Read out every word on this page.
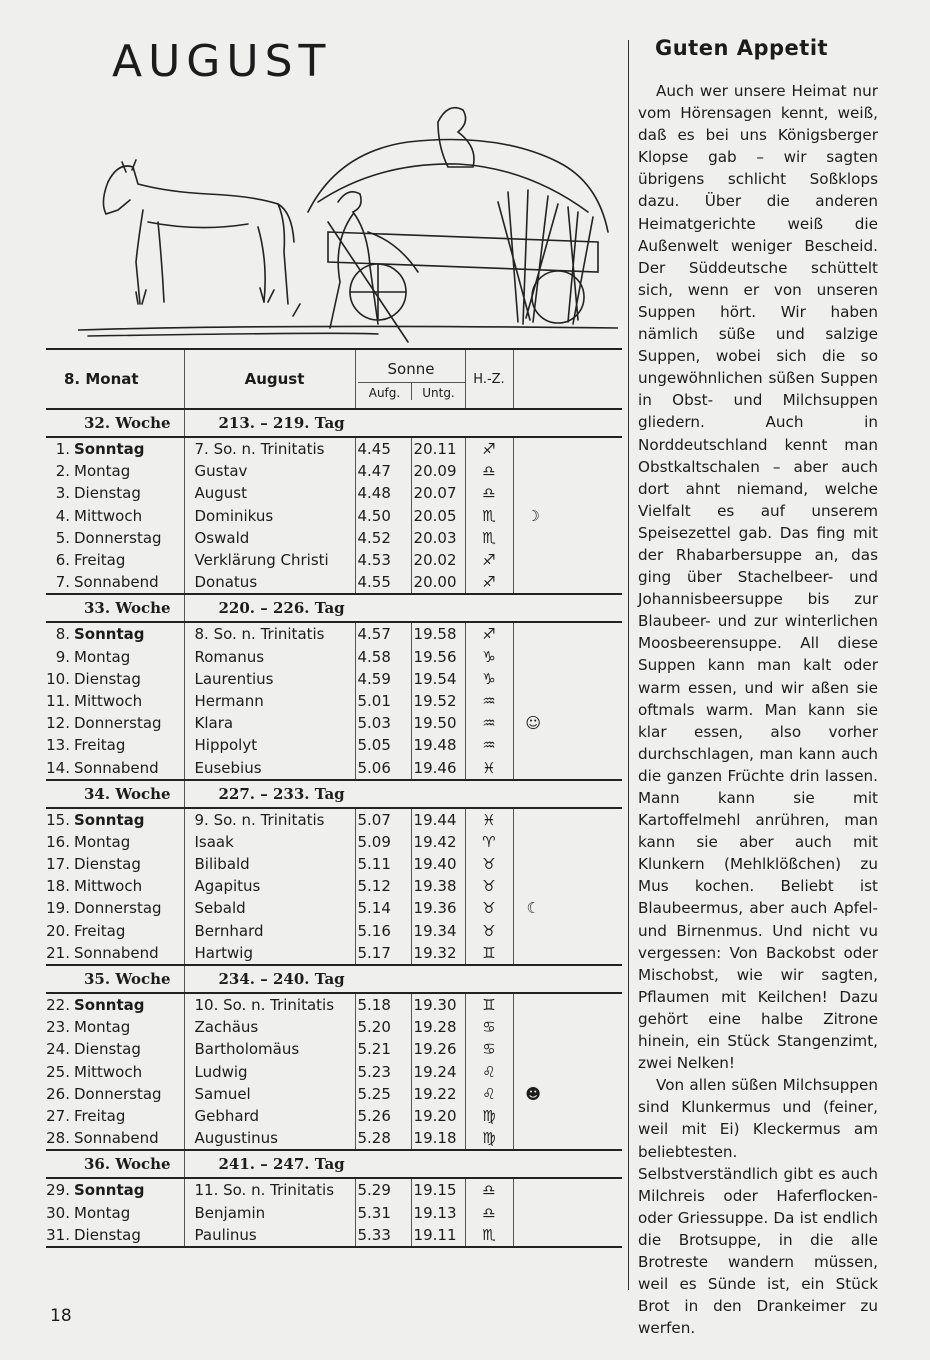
AUGUST
8. Monat	August	Sonne
Aufg. Untg.		H.-Z.		
32. Woche	213. – 219. Tag					
1. Sonntag	7. So. n. Trinitatis	4.45	20.11	♐		
2. Montag	Gustav	4.47	20.09	♎		
3. Dienstag	August	4.48	20.07	♎		
4. Mittwoch	Dominikus	4.50	20.05	♏	☽	
5. Donnerstag	Oswald	4.52	20.03	♏		
6. Freitag	Verklärung Christi	4.53	20.02	♐		
7. Sonnabend	Donatus	4.55	20.00	♐		
33. Woche	220. – 226. Tag					
8. Sonntag	8. So. n. Trinitatis	4.57	19.58	♐		
9. Montag	Romanus	4.58	19.56	♑		
10. Dienstag	Laurentius	4.59	19.54	♑		
11. Mittwoch	Hermann	5.01	19.52	♒		
12. Donnerstag	Klara	5.03	19.50	♒	☺	
13. Freitag	Hippolyt	5.05	19.48	♒		
14. Sonnabend	Eusebius	5.06	19.46	♓		
34. Woche	227. – 233. Tag					
15. Sonntag	9. So. n. Trinitatis	5.07	19.44	♓		
16. Montag	Isaak	5.09	19.42	♈		
17. Dienstag	Bilibald	5.11	19.40	♉		
18. Mittwoch	Agapitus	5.12	19.38	♉		
19. Donnerstag	Sebald	5.14	19.36	♉	☾	
20. Freitag	Bernhard	5.16	19.34	♉		
21. Sonnabend	Hartwig	5.17	19.32	♊		
35. Woche	234. – 240. Tag					
22. Sonntag	10. So. n. Trinitatis	5.18	19.30	♊		
23. Montag	Zachäus	5.20	19.28	♋		
24. Dienstag	Bartholomäus	5.21	19.26	♋		
25. Mittwoch	Ludwig	5.23	19.24	♌		
26. Donnerstag	Samuel	5.25	19.22	♌	☻	
27. Freitag	Gebhard	5.26	19.20	♍		
28. Sonnabend	Augustinus	5.28	19.18	♍		
36. Woche	241. – 247. Tag					
29. Sonntag	11. So. n. Trinitatis	5.29	19.15	♎		
30. Montag	Benjamin	5.31	19.13	♎		
31. Dienstag	Paulinus	5.33	19.11	♏		
Guten Appetit

Auch wer unsere Heimat nur vom Hörensagen kennt, weiß, daß es bei uns Königsberger Klopse gab – wir sagten übrigens schlicht Soßklops dazu. Über die anderen Heimatgerichte weiß die Außenwelt weniger Bescheid. Der Süddeutsche schüttelt sich, wenn er von unseren Suppen hört. Wir haben nämlich süße und salzige Suppen, wobei sich die so ungewöhnlichen süßen Suppen in Obst- und Milchsuppen gliedern. Auch in Norddeutschland kennt man Obstkaltschalen – aber auch dort ahnt niemand, welche Vielfalt es auf unserem Speisezettel gab. Das fing mit der Rhabarbersuppe an, das ging über Stachelbeer- und Johannisbeersuppe bis zur Blaubeer- und zur winterlichen Moosbeerensuppe. All diese Suppen kann man kalt oder warm essen, und wir aßen sie oftmals warm. Man kann sie klar essen, also vorher durchschlagen, man kann auch die ganzen Früchte drin lassen. Mann kann sie mit Kartoffelmehl anrühren, man kann sie aber auch mit Klunkern (Mehlklößchen) zu Mus kochen. Beliebt ist Blaubeermus, aber auch Apfel- und Birnenmus. Und nicht vu vergessen: Von Backobst oder Mischobst, wie wir sagten, Pflaumen mit Keilchen! Dazu gehört eine halbe Zitrone hinein, ein Stück Stangenzimt, zwei Nelken!

Von allen süßen Milchsuppen sind Klunkermus und (feiner, weil mit Ei) Kleckermus am beliebtesten. Selbstverständlich gibt es auch Milchreis oder Haferflocken- oder Griessuppe. Da ist endlich die Brotsuppe, in die alle Brotreste wandern müssen, weil es Sünde ist, ein Stück Brot in den Drankeimer zu werfen.

18
